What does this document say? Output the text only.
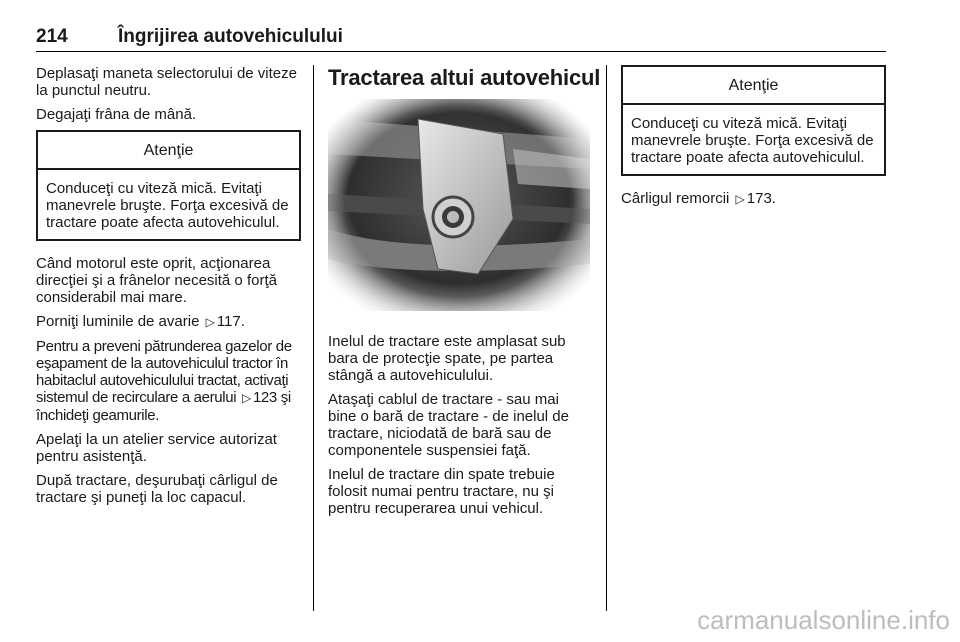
214	Îngrijirea autovehiculului

Deplasaţi maneta selectorului de viteze la punctul neutru.

Degajaţi frâna de mână.

Atenţie
Conduceţi cu viteză mică. Evitaţi manevrele bruşte. Forţa excesivă de tractare poate afecta autovehiculul.

Când motorul este oprit, acţionarea direcţiei şi a frânelor necesită o forţă considerabil mai mare.

Porniţi luminile de avarie ▷ 117.

Pentru a preveni pătrunderea gazelor de eşapament de la autovehiculul tractor în habitaclul autovehiculului tractat, activaţi sistemul de recirculare a aerului ▷ 123 şi închideţi geamurile.

Apelaţi la un atelier service autorizat pentru asistenţă.

După tractare, deşurubaţi cârligul de tractare şi puneţi la loc capacul.

Tractarea altui autovehicul

Inelul de tractare este amplasat sub bara de protecţie spate, pe partea stângă a autovehiculului.

Ataşaţi cablul de tractare - sau mai bine o bară de tractare - de inelul de tractare, niciodată de bară sau de componentele suspensiei faţă.

Inelul de tractare din spate trebuie folosit numai pentru tractare, nu şi pentru recuperarea unui vehicul.

Atenţie
Conduceţi cu viteză mică. Evitaţi manevrele bruşte. Forţa excesivă de tractare poate afecta autovehiculul.

Cârligul remorcii ▷ 173.

carmanualsonline.info
